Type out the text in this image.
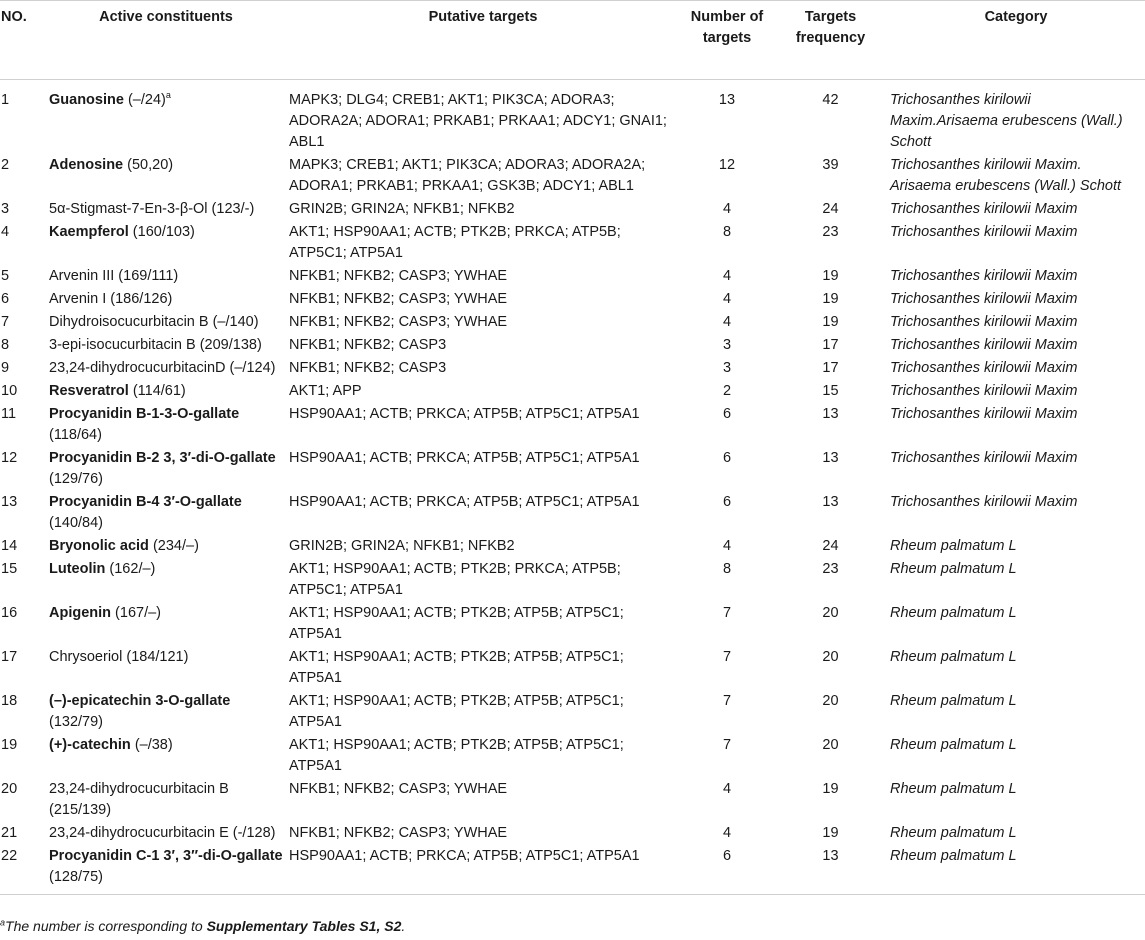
NO.	Active constituents	Putative targets	Number of targets	Targets frequency	Category
1	Guanosine $(-/24)^a$	MAPK3; DLG4; CREB1; AKT1; PIK3CA; ADORA3; ADORA2A; ADORA1; PRKAB1; PRKAA1; ADCY1; GNAI1; ABL1	13	42	Trichosanthes kirilowii Maxim.Arisaema erubescens (Wall.) Schott
2	Adenosine (50,20)	MAPK3; CREB1; AKT1; PIK3CA; ADORA3; ADORA2A; ADORA1; PRKAB1; PRKAA1; GSK3B; ADCY1; ABL1	12	39	Trichosanthes kirilowii Maxim. Arisaema erubescens (Wall.) Schott
3	5α-Stigmast-7-En-3-β-Ol (123/-)	GRIN2B; GRIN2A; NFKB1; NFKB2	4	24	Trichosanthes kirilowii Maxim
4	Kaempferol (160/103)	AKT1; HSP90AA1; ACTB; PTK2B; PRKCA; ATP5B; ATP5C1; ATP5A1	8	23	Trichosanthes kirilowii Maxim
5	Arvenin III (169/111)	NFKB1; NFKB2; CASP3; YWHAE	4	19	Trichosanthes kirilowii Maxim
6	Arvenin I (186/126)	NFKB1; NFKB2; CASP3; YWHAE	4	19	Trichosanthes kirilowii Maxim
7	Dihydroisocucurbitacin B (–/140)	NFKB1; NFKB2; CASP3; YWHAE	4	19	Trichosanthes kirilowii Maxim
8	3-epi-isocucurbitacin B (209/138)	NFKB1; NFKB2; CASP3	3	17	Trichosanthes kirilowii Maxim
9	23,24-dihydrocucurbitacinD (–/124)	NFKB1; NFKB2; CASP3	3	17	Trichosanthes kirilowii Maxim
10	Resveratrol (114/61)	AKT1; APP	2	15	Trichosanthes kirilowii Maxim
11	Procyanidin B-1-3-O-gallate (118/64)	HSP90AA1; ACTB; PRKCA; ATP5B; ATP5C1; ATP5A1	6	13	Trichosanthes kirilowii Maxim
12	Procyanidin B-2 3, 3′-di-O-gallate (129/76)	HSP90AA1; ACTB; PRKCA; ATP5B; ATP5C1; ATP5A1	6	13	Trichosanthes kirilowii Maxim
13	Procyanidin B-4 3′-O-gallate (140/84)	HSP90AA1; ACTB; PRKCA; ATP5B; ATP5C1; ATP5A1	6	13	Trichosanthes kirilowii Maxim
14	Bryonolic acid (234/–)	GRIN2B; GRIN2A; NFKB1; NFKB2	4	24	Rheum palmatum L
15	Luteolin (162/–)	AKT1; HSP90AA1; ACTB; PTK2B; PRKCA; ATP5B; ATP5C1; ATP5A1	8	23	Rheum palmatum L
16	Apigenin (167/–)	AKT1; HSP90AA1; ACTB; PTK2B; ATP5B; ATP5C1; ATP5A1	7	20	Rheum palmatum L
17	Chrysoeriol (184/121)	AKT1; HSP90AA1; ACTB; PTK2B; ATP5B; ATP5C1; ATP5A1	7	20	Rheum palmatum L
18	(–)-epicatechin 3-O-gallate (132/79)	AKT1; HSP90AA1; ACTB; PTK2B; ATP5B; ATP5C1; ATP5A1	7	20	Rheum palmatum L
19	(+)-catechin (–/38)	AKT1; HSP90AA1; ACTB; PTK2B; ATP5B; ATP5C1; ATP5A1	7	20	Rheum palmatum L
20	23,24-dihydrocucurbitacin B (215/139)	NFKB1; NFKB2; CASP3; YWHAE	4	19	Rheum palmatum L
21	23,24-dihydrocucurbitacin E (-/128)	NFKB1; NFKB2; CASP3; YWHAE	4	19	Rheum palmatum L
22	Procyanidin C-1 3′, 3″-di-O-gallate (128/75)	HSP90AA1; ACTB; PRKCA; ATP5B; ATP5C1; ATP5A1	6	13	Rheum palmatum L
$^a$The number is corresponding to Supplementary Tables S1, S2.
